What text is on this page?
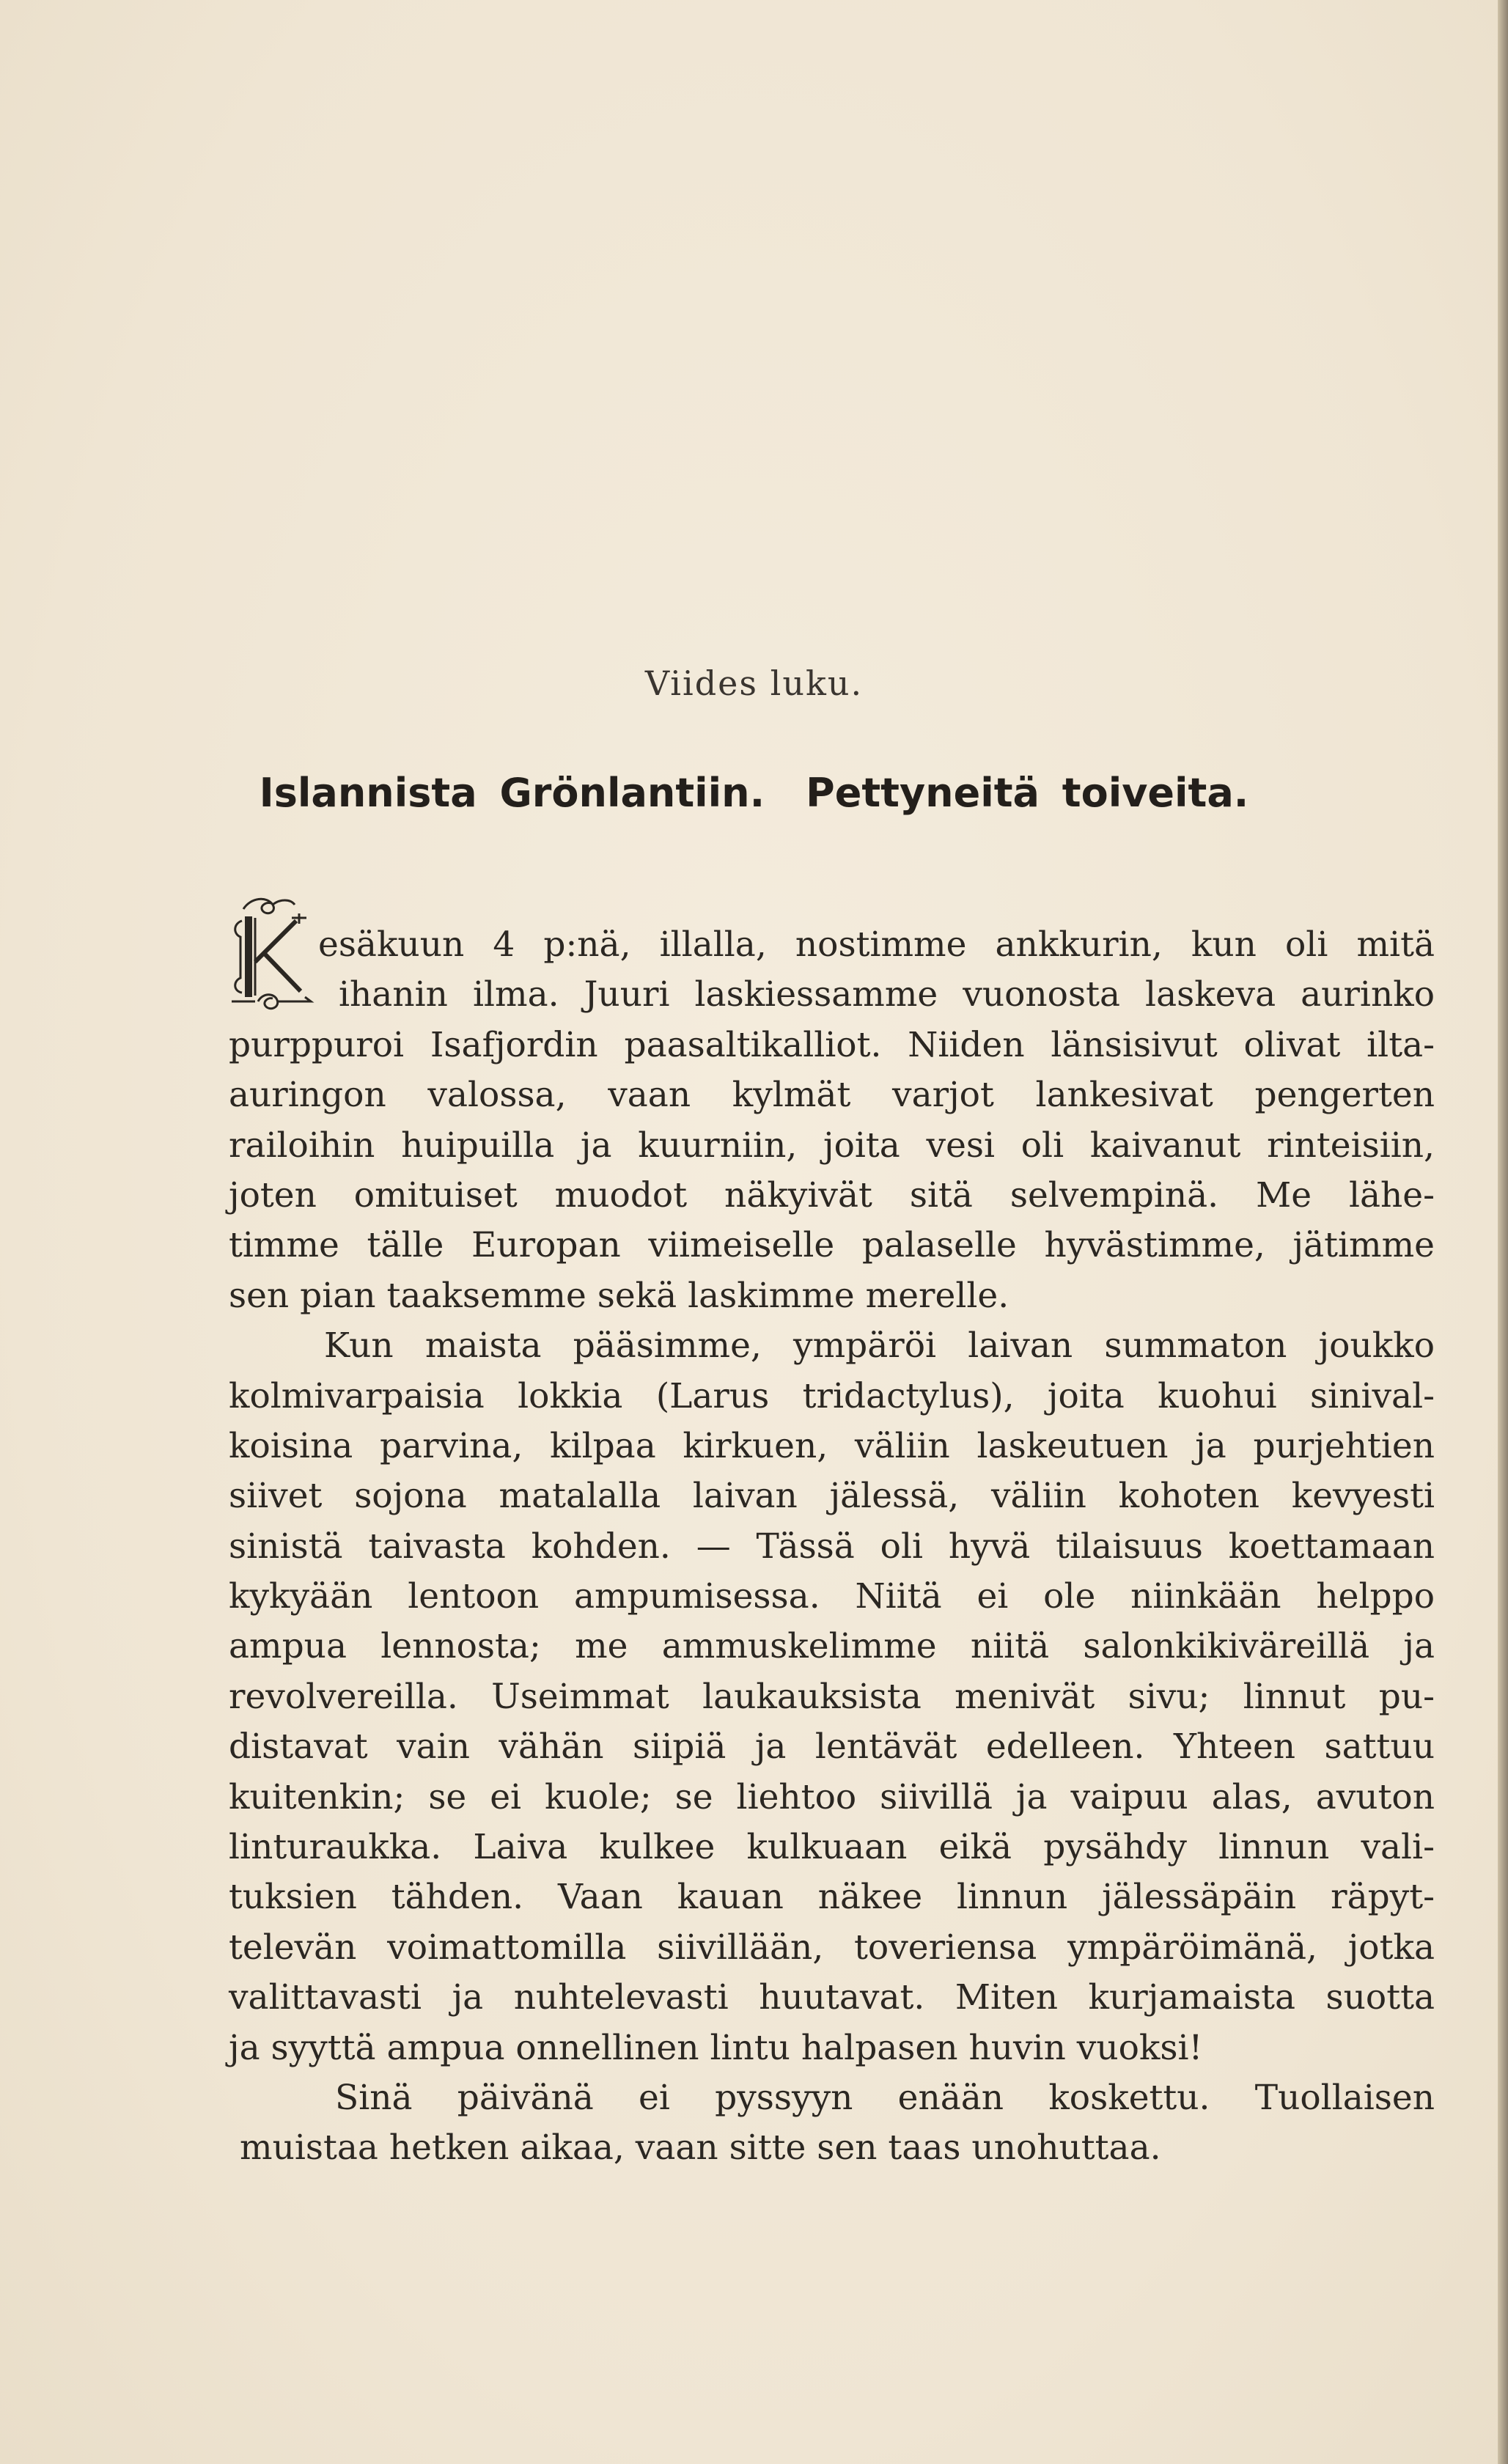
Viides luku.
Islannista Grönlantiin. Pettyneitä toiveita.
esäkuun 4 p:nä, illalla, nostimme ankkurin, kun oli mitä
ihanin ilma. Juuri laskiessamme vuonosta laskeva aurinko
purppuroi Isafjordin paasaltikalliot. Niiden länsisivut olivat ilta-
auringon valossa, vaan kylmät varjot lankesivat pengerten
railoihin huipuilla ja kuurniin, joita vesi oli kaivanut rinteisiin,
joten omituiset muodot näkyivät sitä selvempinä. Me lähe-
timme tälle Europan viimeiselle palaselle hyvästimme, jätimme
sen pian taaksemme sekä laskimme merelle.
Kun maista pääsimme, ympäröi laivan summaton joukko
kolmivarpaisia lokkia (Larus tridactylus), joita kuohui sinival-
koisina parvina, kilpaa kirkuen, väliin laskeutuen ja purjehtien
siivet sojona matalalla laivan jälessä, väliin kohoten kevyesti
sinistä taivasta kohden. — Tässä oli hyvä tilaisuus koettamaan
kykyään lentoon ampumisessa. Niitä ei ole niinkään helppo
ampua lennosta; me ammuskelimme niitä salonkikiväreillä ja
revolvereilla. Useimmat laukauksista menivät sivu; linnut pu-
distavat vain vähän siipiä ja lentävät edelleen. Yhteen sattuu
kuitenkin; se ei kuole; se liehtoo siivillä ja vaipuu alas, avuton
linturaukka. Laiva kulkee kulkuaan eikä pysähdy linnun vali-
tuksien tähden. Vaan kauan näkee linnun jälessäpäin räpyt-
televän voimattomilla siivillään, toveriensa ympäröimänä, jotka
valittavasti ja nuhtelevasti huutavat. Miten kurjamaista suotta
ja syyttä ampua onnellinen lintu halpasen huvin vuoksi!
Sinä päivänä ei pyssyyn enään koskettu. Tuollaisen
muistaa hetken aikaa, vaan sitte sen taas unohuttaa.
